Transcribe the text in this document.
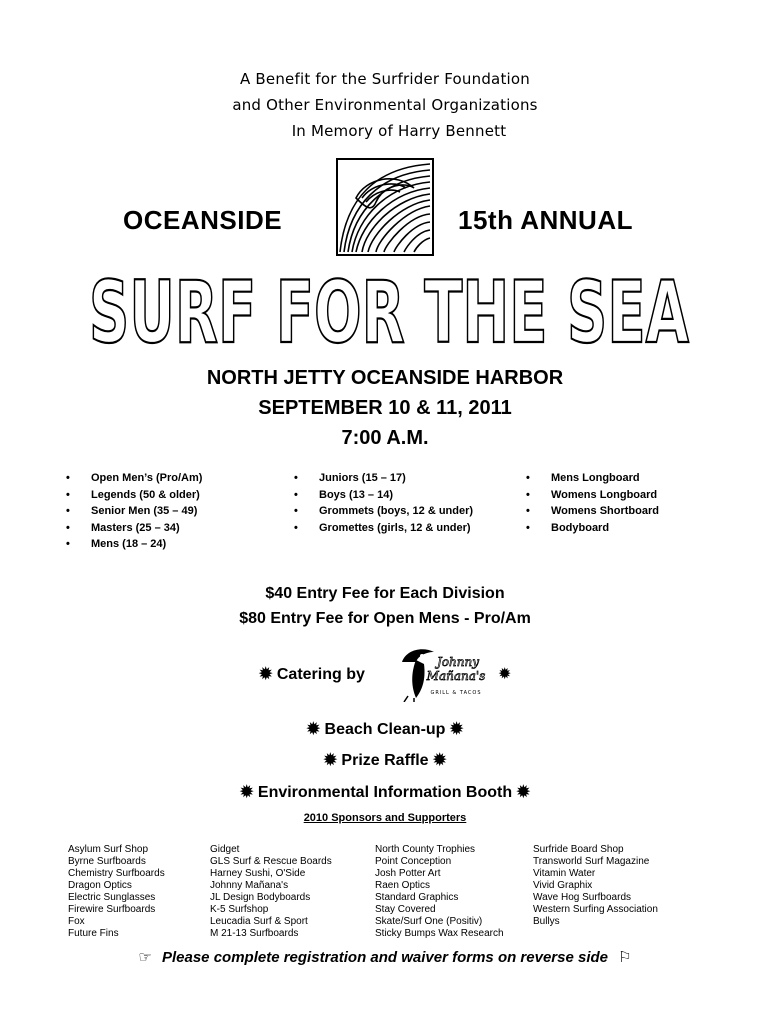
A Benefit for the Surfrider Foundation
and Other Environmental Organizations
In Memory of Harry Bennett
OCEANSIDE	15th ANNUAL
SURF FOR THE SEA
NORTH JETTY OCEANSIDE HARBOR
SEPTEMBER 10 & 11, 2011
7:00 A.M.
• Open Men’s (Pro/Am)
• Legends (50 & older)
• Senior Men (35 – 49)
• Masters (25 – 34)
• Mens (18 – 24)
• Juniors (15 – 17)
• Boys (13 – 14)
• Grommets (boys, 12 & under)
• Gromettes (girls, 12 & under)
• Mens Longboard
• Womens Longboard
• Womens Shortboard
• Bodyboard
$40 Entry Fee for Each Division
$80 Entry Fee for Open Mens - Pro/Am
✹ Catering by
Johnny
Mañana's
GRILL & TACOS
✹
✹ Beach Clean-up ✹
✹ Prize Raffle ✹
✹ Environmental Information Booth ✹
2010 Sponsors and Supporters
Asylum Surf Shop
Byrne Surfboards
Chemistry Surfboards
Dragon Optics
Electric Sunglasses
Firewire Surfboards
Fox
Future Fins
Gidget
GLS Surf & Rescue Boards
Harney Sushi, O'Side
Johnny Mañana's
JL Design Bodyboards
K-5 Surfshop
Leucadia Surf & Sport
M 21-13 Surfboards
North County Trophies
Point Conception
Josh Potter Art
Raen Optics
Standard Graphics
Stay Covered
Skate/Surf One (Positiv)
Sticky Bumps Wax Research
Surfride Board Shop
Transworld Surf Magazine
Vitamin Water
Vivid Graphix
Wave Hog Surfboards
Western Surfing Association
Bullys
☞ Please complete registration and waiver forms on reverse side ⚐
